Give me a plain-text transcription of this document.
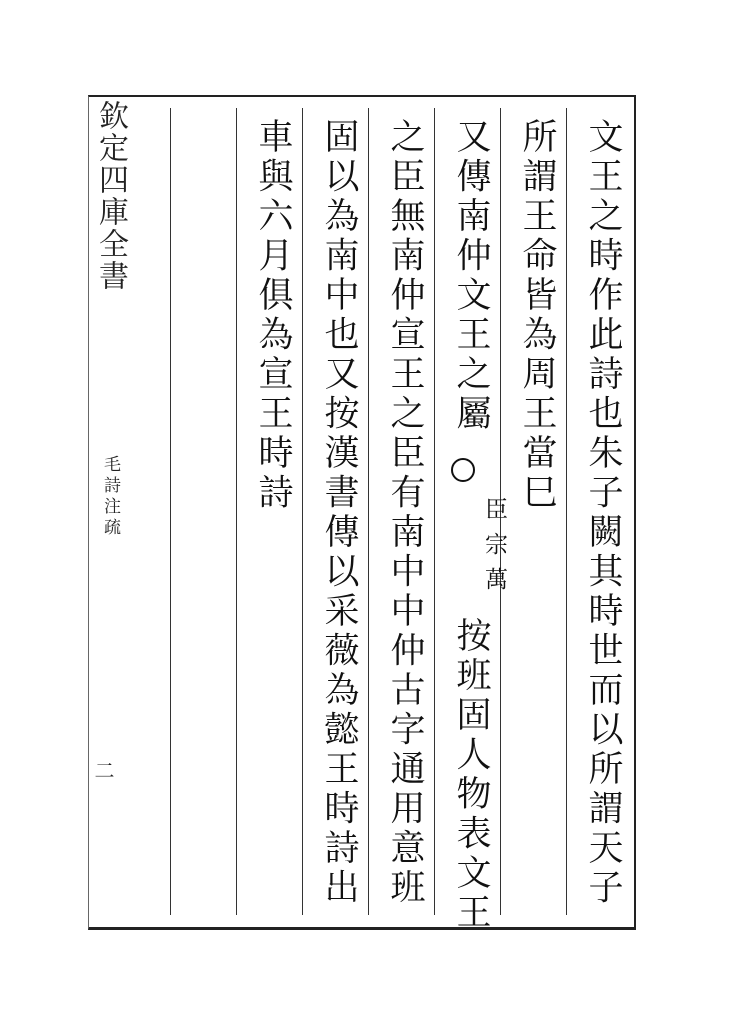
欽定四庫全書
毛詩注疏
二	文王之時作此詩也朱子闕其時世而以所謂天子
所謂王命皆為周王當巳
又傳南仲文王之屬
臣宗萬
按班固人物表文王
之臣無南仲宣王之臣有南中中仲古字通用意班
固以為南中也又按漢書傳以采薇為懿王時詩出
車與六月俱為宣王時詩
